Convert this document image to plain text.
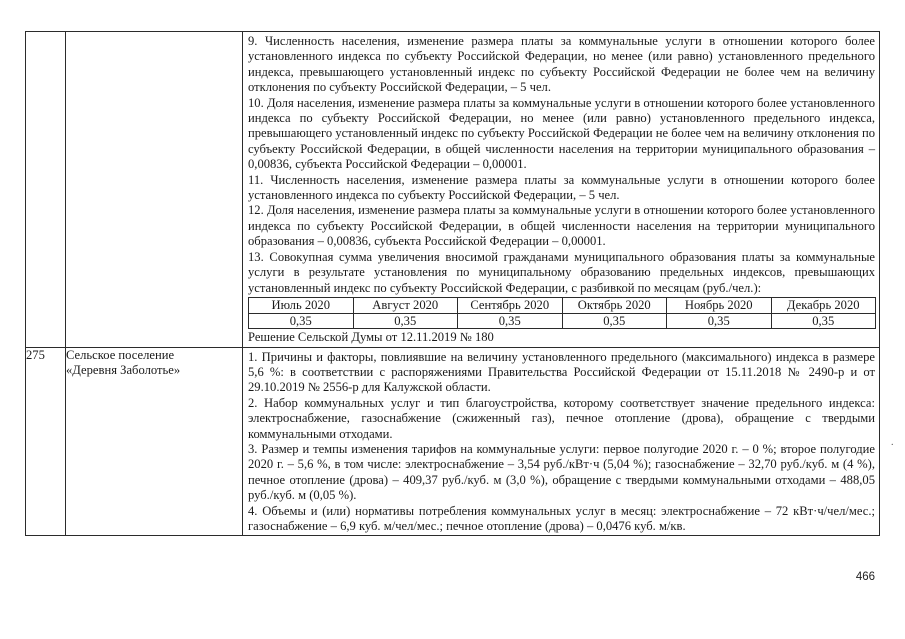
9. Численность населения, изменение размера платы за коммунальные услуги в отношении которого более установленного индекса по субъекту Российской Федерации, но менее (или равно) установленного предельного индекса, превышающего установленный индекс по субъекту Российской Федерации не более чем на величину отклонения по субъекту Российской Федерации, – 5 чел.

10. Доля населения, изменение размера платы за коммунальные услуги в отношении которого более установленного индекса по субъекту Российской Федерации, но менее (или равно) установленного предельного индекса, превышающего установленный индекс по субъекту Российской Федерации не более чем на величину отклонения по субъекту Российской Федерации, в общей численности населения на территории муниципального образования – 0,00836, субъекта Российской Федерации – 0,00001.

11. Численность населения, изменение размера платы за коммунальные услуги в отношении которого более установленного индекса по субъекту Российской Федерации, – 5 чел.

12. Доля населения, изменение размера платы за коммунальные услуги в отношении которого более установленного индекса по субъекту Российской Федерации, в общей численности населения на территории муниципального образования – 0,00836, субъекта Российской Федерации – 0,00001.

13. Совокупная сумма увеличения вносимой гражданами муниципального образования платы за коммунальные услуги в результате установления по муниципальному образованию предельных индексов, превышающих установленный индекс по субъекту Российской Федерации, с разбивкой по месяцам (руб./чел.):

Июль 2020	Август 2020	Сентябрь 2020	Октябрь 2020	Ноябрь 2020	Декабрь 2020
0,35	0,35	0,35	0,35	0,35	0,35

Решение Сельской Думы от 12.11.2019 № 180

275	Сельское поселение
«Деревня Заболотье»

1. Причины и факторы, повлиявшие на величину установленного предельного (максимального) индекса в размере 5,6 %: в соответствии с распоряжениями Правительства Российской Федерации от 15.11.2018 № 2490-р и от 29.10.2019 № 2556-р для Калужской области.

2. Набор коммунальных услуг и тип благоустройства, которому соответствует значение предельного индекса: электроснабжение, газоснабжение (сжиженный газ), печное отопление (дрова), обращение с твердыми коммунальными отходами.

3. Размер и темпы изменения тарифов на коммунальные услуги: первое полугодие 2020 г. – 0 %; второе полугодие 2020 г. – 5,6 %, в том числе: электроснабжение – 3,54 руб./кВт·ч (5,04 %); газоснабжение – 32,70 руб./куб. м (4 %), печное отопление (дрова) – 409,37 руб./куб. м (3,0 %), обращение с твердыми коммунальными отходами – 488,05 руб./куб. м (0,05 %).

4. Объемы и (или) нормативы потребления коммунальных услуг в месяц: электроснабжение – 72 кВт·ч/чел/мес.; газоснабжение – 6,9 куб. м/чел/мес.; печное отопление (дрова) – 0,0476 куб. м/кв.

.
466
